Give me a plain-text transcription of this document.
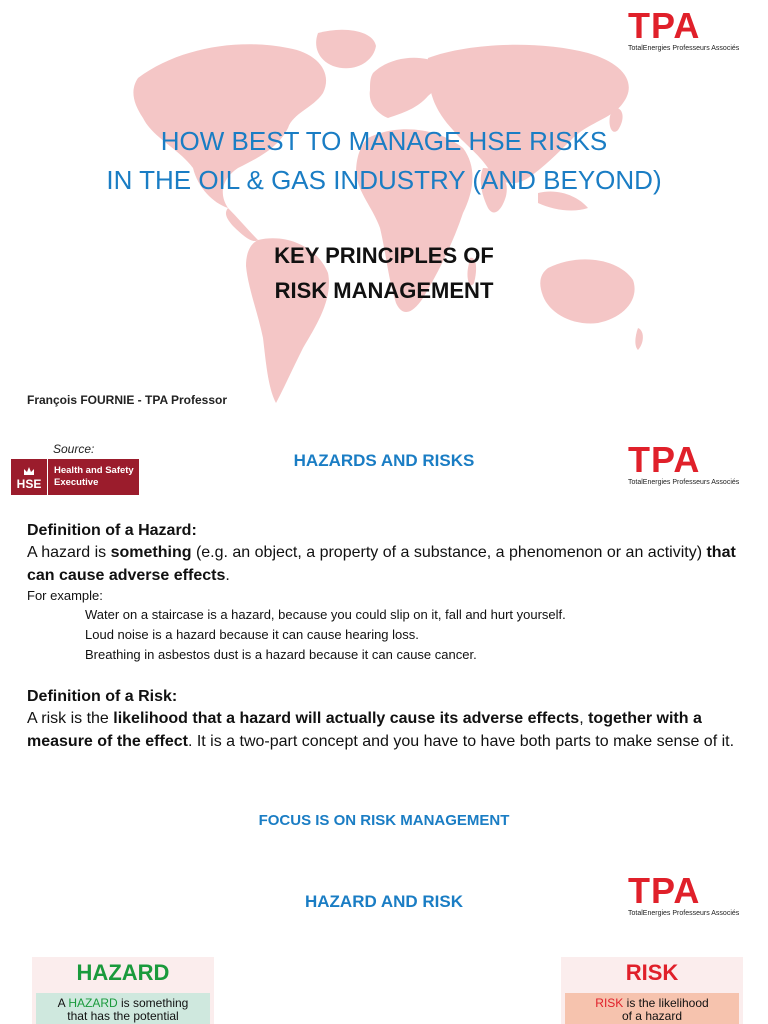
TPA
TotalEnergies Professeurs Associés
HOW BEST TO MANAGE HSE RISKS
IN THE OIL & GAS INDUSTRY (AND BEYOND)
KEY PRINCIPLES OF
RISK MANAGEMENT
François FOURNIE - TPA Professor
Source:
HSE
Health and Safety
Executive
HAZARDS AND RISKS	TPA
TotalEnergies Professeurs Associés
Definition of a Hazard:
A hazard is something (e.g. an object, a property of a substance, a phenomenon or an activity) that can cause adverse effects.
For example:
Water on a staircase is a hazard, because you could slip on it, fall and hurt yourself.
Loud noise is a hazard because it can cause hearing loss.
Breathing in asbestos dust is a hazard because it can cause cancer.
Definition of a Risk:
A risk is the likelihood that a hazard will actually cause its adverse effects, together with a measure of the effect. It is a two-part concept and you have to have both parts to make sense of it.
FOCUS IS ON RISK MANAGEMENT
HAZARD AND RISK	TPA
TotalEnergies Professeurs Associés
HAZARD
A HAZARD is something
that has the potential
RISK
RISK is the likelihood
of a hazard
